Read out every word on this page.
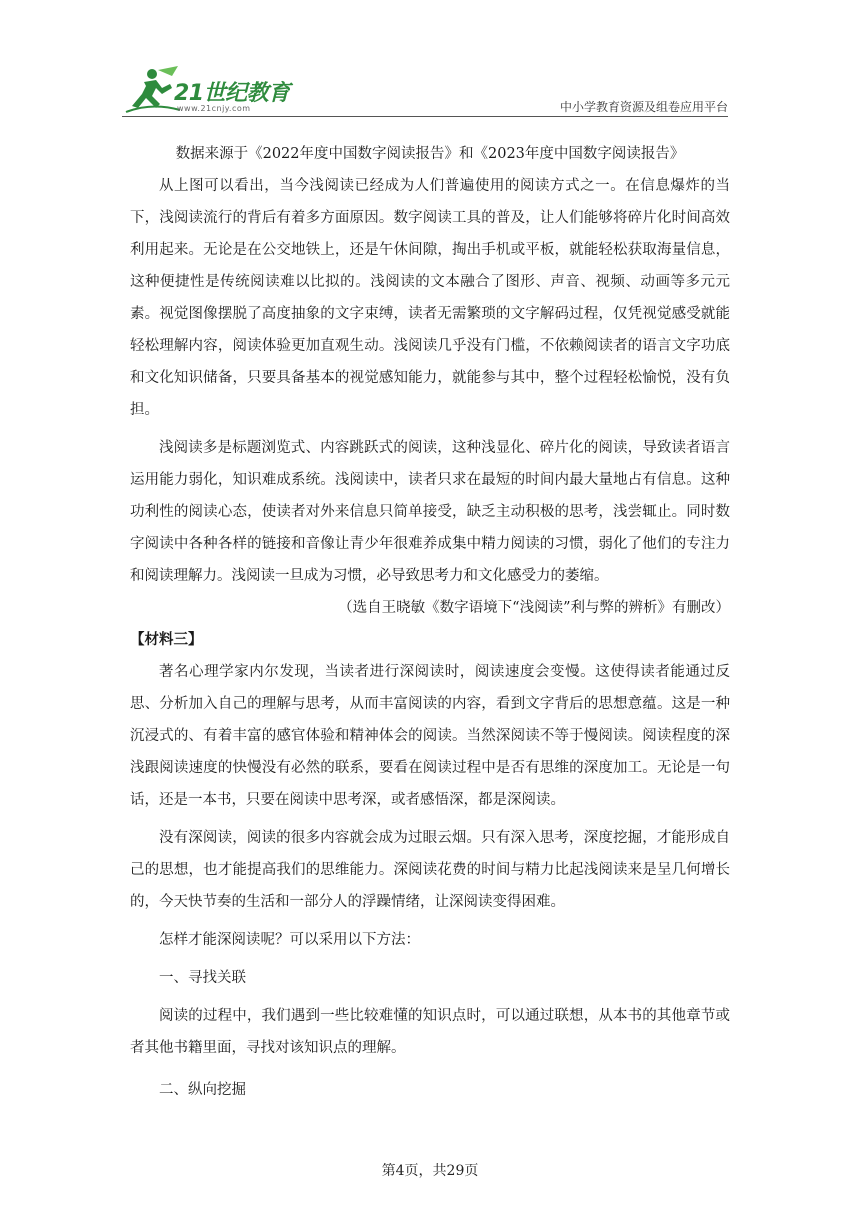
21世纪教育
www.21cnjy.com	中小学教育资源及组卷应用平台

数据来源于《2022年度中国数字阅读报告》和《2023年度中国数字阅读报告》

从上图可以看出，当今浅阅读已经成为人们普遍使用的阅读方式之一。在信息爆炸的当下，浅阅读流行的背后有着多方面原因。数字阅读工具的普及，让人们能够将碎片化时间高效利用起来。无论是在公交地铁上，还是午休间隙，掏出手机或平板，就能轻松获取海量信息，这种便捷性是传统阅读难以比拟的。浅阅读的文本融合了图形、声音、视频、动画等多元元素。视觉图像摆脱了高度抽象的文字束缚，读者无需繁琐的文字解码过程，仅凭视觉感受就能轻松理解内容，阅读体验更加直观生动。浅阅读几乎没有门槛，不依赖阅读者的语言文字功底和文化知识储备，只要具备基本的视觉感知能力，就能参与其中，整个过程轻松愉悦，没有负担。

浅阅读多是标题浏览式、内容跳跃式的阅读，这种浅显化、碎片化的阅读，导致读者语言运用能力弱化，知识难成系统。浅阅读中，读者只求在最短的时间内最大量地占有信息。这种功利性的阅读心态，使读者对外来信息只简单接受，缺乏主动积极的思考，浅尝辄止。同时数字阅读中各种各样的链接和音像让青少年很难养成集中精力阅读的习惯，弱化了他们的专注力和阅读理解力。浅阅读一旦成为习惯，必导致思考力和文化感受力的萎缩。

（选自王晓敏《数字语境下“浅阅读”利与弊的辨析》有删改）

【材料三】

著名心理学家内尔发现，当读者进行深阅读时，阅读速度会变慢。这使得读者能通过反思、分析加入自己的理解与思考，从而丰富阅读的内容，看到文字背后的思想意蕴。这是一种沉浸式的、有着丰富的感官体验和精神体会的阅读。当然深阅读不等于慢阅读。阅读程度的深浅跟阅读速度的快慢没有必然的联系，要看在阅读过程中是否有思维的深度加工。无论是一句话，还是一本书，只要在阅读中思考深，或者感悟深，都是深阅读。

没有深阅读，阅读的很多内容就会成为过眼云烟。只有深入思考，深度挖掘，才能形成自己的思想，也才能提高我们的思维能力。深阅读花费的时间与精力比起浅阅读来是呈几何增长的，今天快节奏的生活和一部分人的浮躁情绪，让深阅读变得困难。

怎样才能深阅读呢？可以采用以下方法：

一、寻找关联

阅读的过程中，我们遇到一些比较难懂的知识点时，可以通过联想，从本书的其他章节或者其他书籍里面，寻找对该知识点的理解。

二、纵向挖掘

第4页，共29页
